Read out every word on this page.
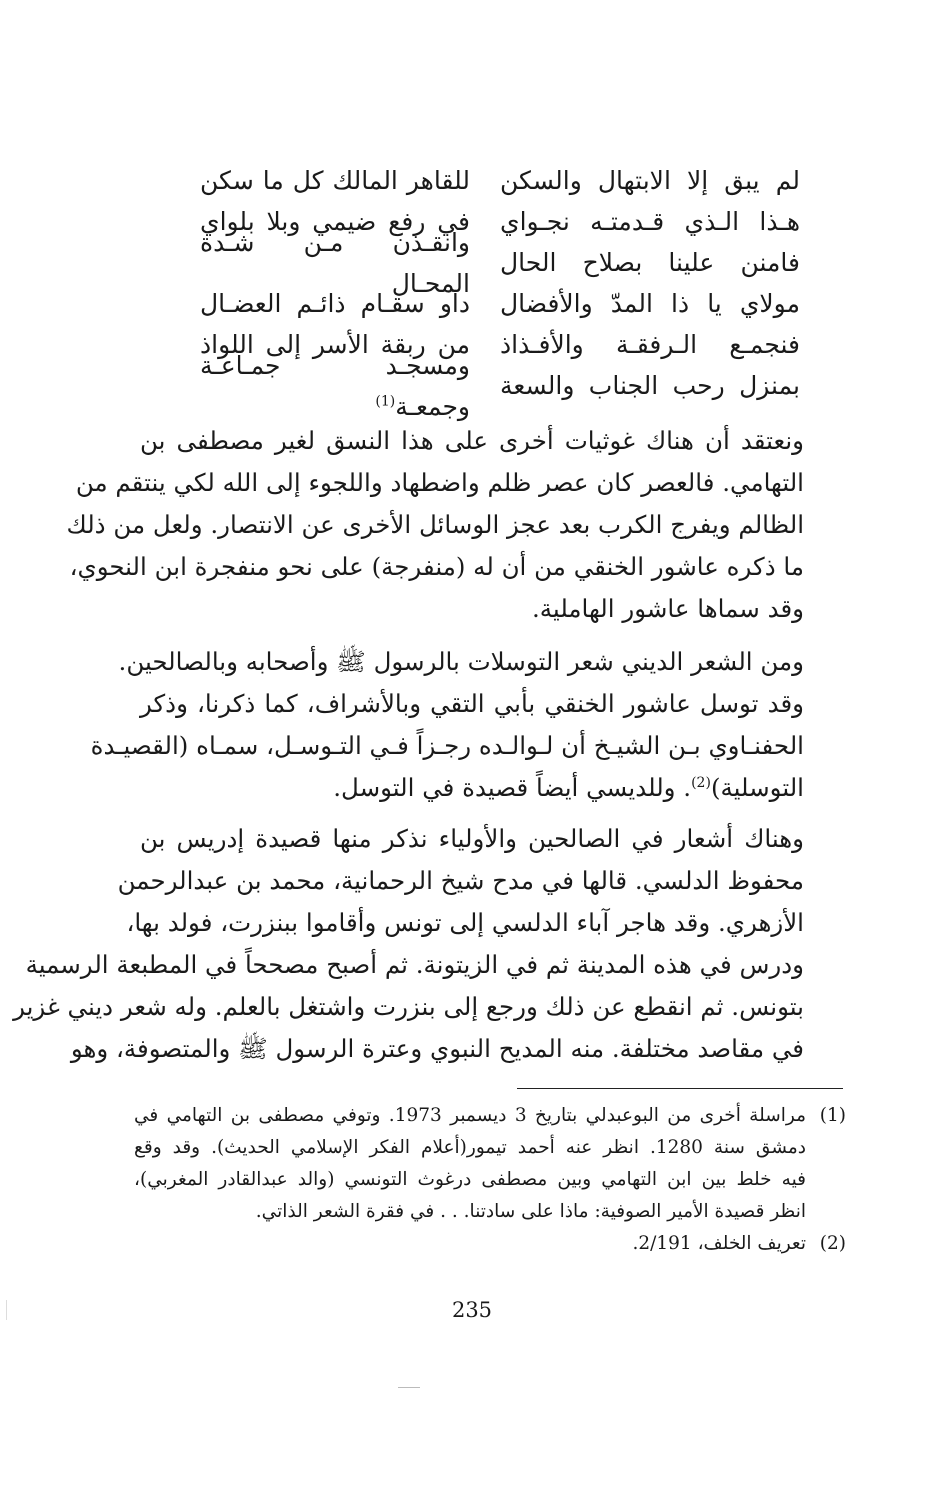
لم يبق إلا الابتهال والسكن
للقاهر المالك كل ما سكن
هـذا الـذي قـدمتـه نجـواي
في رفع ضيمي وبلا بلواي
فامنن علينا بصلاح الحال
وانقـذن مـن شـدة المحـال
مولاي يا ذا المدّ والأفضال
داو سقـام ذائـم العضـال
فنجمـع الـرفقـة والأفـذاذ
من ربقة الأسر إلى اللواذ
بمنزل رحب الجناب والسعة
ومسجـد جمـاعـة وجمعـة$^{(1)}$
ونعتقد أن هناك غوثيات أخرى على هذا النسق لغير مصطفى بن
التهامي. فالعصر كان عصر ظلم واضطهاد واللجوء إلى الله لكي ينتقم من
الظالم ويفرج الكرب بعد عجز الوسائل الأخرى عن الانتصار. ولعل من ذلك
ما ذكره عاشور الخنقي من أن له (منفرجة) على نحو منفجرة ابن النحوي،
وقد سماها عاشور الهاملية.
ومن الشعر الديني شعر التوسلات بالرسول ﷺ وأصحابه وبالصالحين.
وقد توسل عاشور الخنقي بأبي التقي وبالأشراف، كما ذكرنا، وذكر
الحفنـاوي بـن الشيـخ أن لـوالـده رجـزاً فـي التـوسـل، سمـاه (القصيـدة
التوسلية)$^{(2)}$. وللديسي أيضاً قصيدة في التوسل.
وهناك أشعار في الصالحين والأولياء نذكر منها قصيدة إدريس بن
محفوظ الدلسي. قالها في مدح شيخ الرحمانية، محمد بن عبدالرحمن
الأزهري. وقد هاجر آباء الدلسي إلى تونس وأقاموا ببنزرت، فولد بها،
ودرس في هذه المدينة ثم في الزيتونة. ثم أصبح مصححاً في المطبعة الرسمية
بتونس. ثم انقطع عن ذلك ورجع إلى بنزرت واشتغل بالعلم. وله شعر ديني غزير
في مقاصد مختلفة. منه المديح النبوي وعترة الرسول ﷺ والمتصوفة، وهو
(1)
مراسلة أخرى من البوعبدلي بتاريخ 3 ديسمبر 1973. وتوفي مصطفى بن التهامي في
دمشق سنة 1280. انظر عنه أحمد تيمور(أعلام الفكر الإسلامي الحديث). وقد وقع
فيه خلط بين ابن التهامي وبين مصطفى درغوث التونسي (والد عبدالقادر المغربي)،
انظر قصيدة الأمير الصوفية: ماذا على سادتنا. . . في فقرة الشعر الذاتي.
(2)
تعريف الخلف، 2/191.
235
